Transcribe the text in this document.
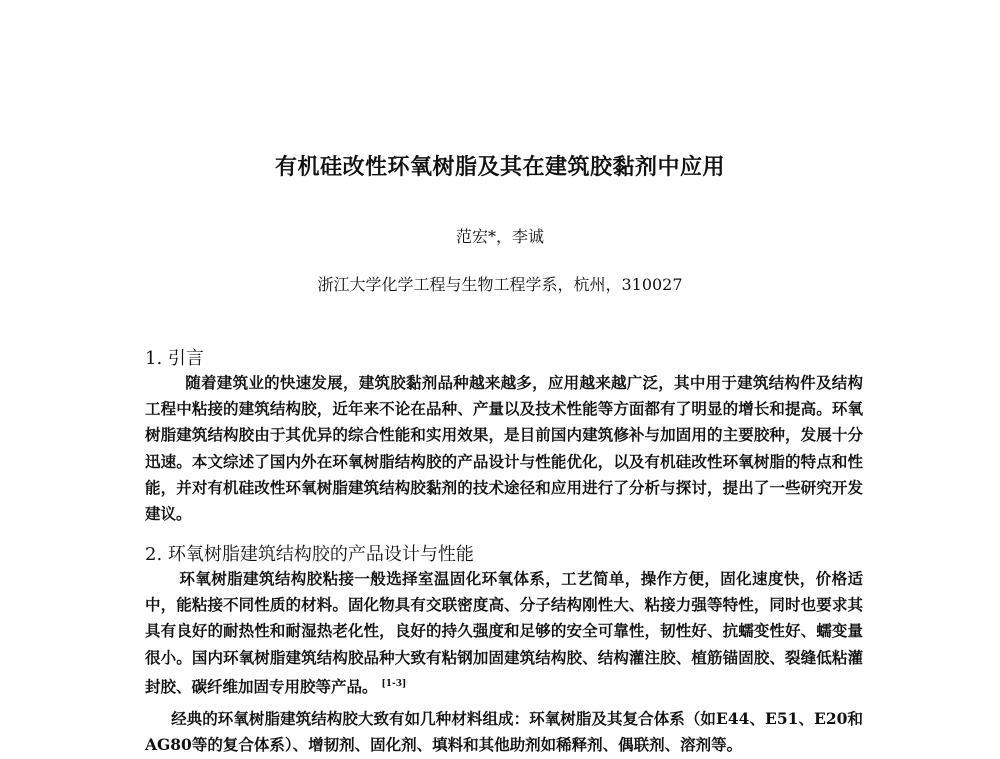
有机硅改性环氧树脂及其在建筑胶黏剂中应用
范宏*，李诚
浙江大学化学工程与生物工程学系，杭州，310027
1. 引言
随着建筑业的快速发展，建筑胶黏剂品种越来越多，应用越来越广泛，其中用于建筑结构件及结构工程中粘接的建筑结构胶，近年来不论在品种、产量以及技术性能等方面都有了明显的增长和提高。环氧树脂建筑结构胶由于其优异的综合性能和实用效果，是目前国内建筑修补与加固用的主要胶种，发展十分迅速。本文综述了国内外在环氧树脂结构胶的产品设计与性能优化，以及有机硅改性环氧树脂的特点和性能，并对有机硅改性环氧树脂建筑结构胶黏剂的技术途径和应用进行了分析与探讨，提出了一些研究开发建议。
2. 环氧树脂建筑结构胶的产品设计与性能
环氧树脂建筑结构胶粘接一般选择室温固化环氧体系，工艺简单，操作方便，固化速度快，价格适中，能粘接不同性质的材料。固化物具有交联密度高、分子结构刚性大、粘接力强等特性，同时也要求其具有良好的耐热性和耐湿热老化性，良好的持久强度和足够的安全可靠性，韧性好、抗蠕变性好、蠕变量很小。国内环氧树脂建筑结构胶品种大致有粘钢加固建筑结构胶、结构灌注胶、植筋锚固胶、裂缝低粘灌封胶、碳纤维加固专用胶等产品。 [1-3]
经典的环氧树脂建筑结构胶大致有如几种材料组成：环氧树脂及其复合体系（如E44、E51、E20和AG80等的复合体系）、增韧剂、固化剂、填料和其他助剂如稀释剂、偶联剂、溶剂等。
